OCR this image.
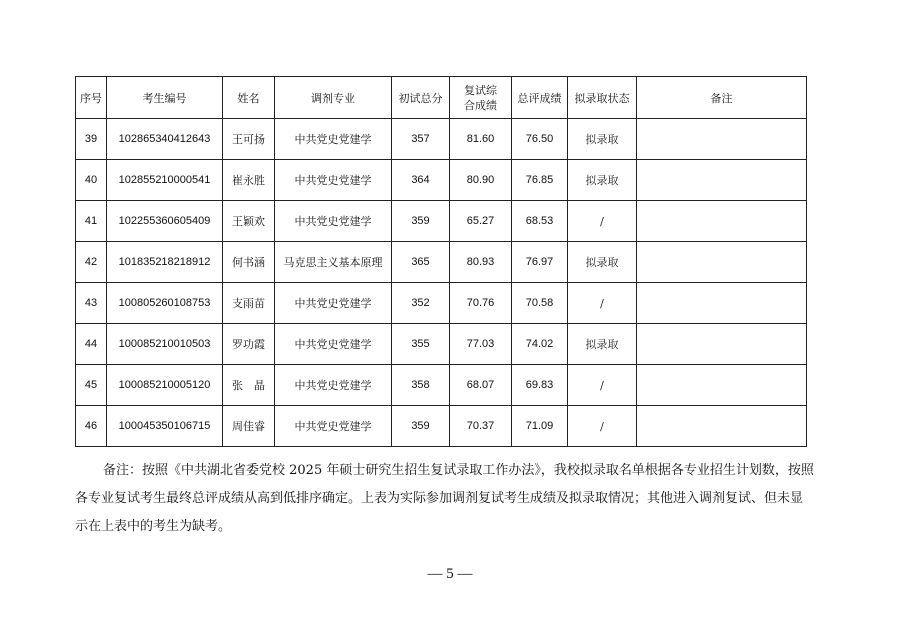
序号	考生编号	姓名	调剂专业	初试总分	复试综合成绩	总评成绩	拟录取状态	备注
39	102865340412643	王可扬	中共党史党建学	357	81.60	76.50	拟录取	
40	102855210000541	崔永胜	中共党史党建学	364	80.90	76.85	拟录取	
41	102255360605409	王颖欢	中共党史党建学	359	65.27	68.53	/	
42	101835218218912	何书涵	马克思主义基本原理	365	80.93	76.97	拟录取	
43	100805260108753	支雨苗	中共党史党建学	352	70.76	70.58	/	
44	100085210010503	罗功霞	中共党史党建学	355	77.03	74.02	拟录取	
45	100085210005120	张　晶	中共党史党建学	358	68.07	69.83	/	
46	100045350106715	周佳睿	中共党史党建学	359	70.37	71.09	/	

备注：按照《中共湖北省委党校 2025 年硕士研究生招生复试录取工作办法》，我校拟录取名单根据各专业招生计划数，按照各专业复试考生最终总评成绩从高到低排序确定。上表为实际参加调剂复试考生成绩及拟录取情况；其他进入调剂复试、但未显示在上表中的考生为缺考。

— 5 —
